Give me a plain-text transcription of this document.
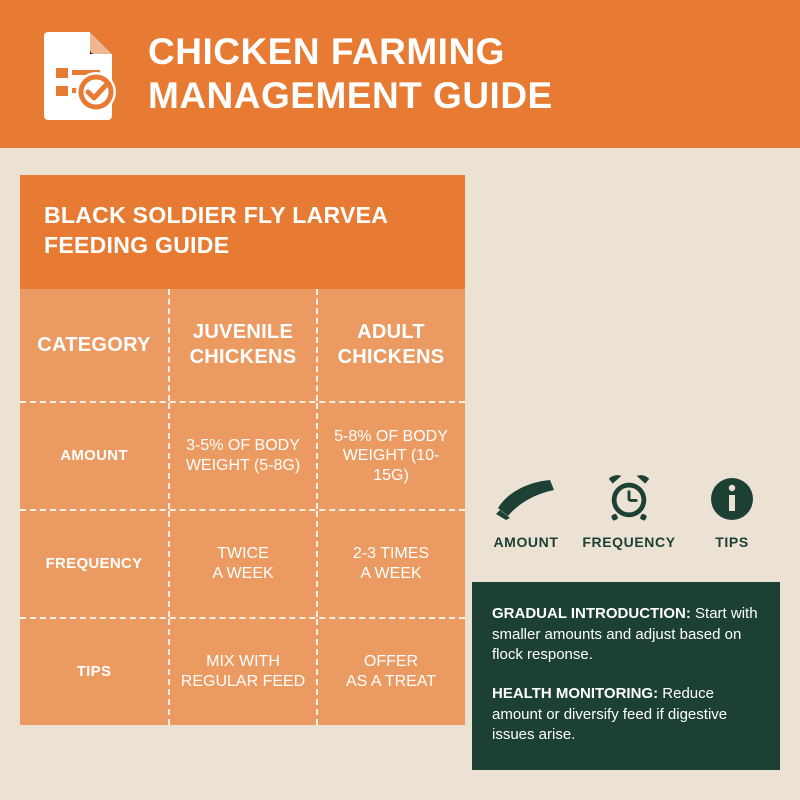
CHICKEN FARMING
MANAGEMENT GUIDE
BLACK SOLDIER FLY LARVEA
FEEDING GUIDE
CATEGORY
JUVENILE
CHICKENS
ADULT
CHICKENS
AMOUNT
3-5% OF BODY
WEIGHT (5-8G)
5-8% OF BODY
WEIGHT (10-15G)
FREQUENCY
TWICE
A WEEK
2-3 TIMES
A WEEK
TIPS
MIX WITH
REGULAR FEED
OFFER
AS A TREAT
AMOUNT	FREQUENCY	TIPS

GRADUAL INTRODUCTION: Start with smaller amounts and adjust based on flock response.

HEALTH MONITORING: Reduce amount or diversify feed if digestive issues arise.
